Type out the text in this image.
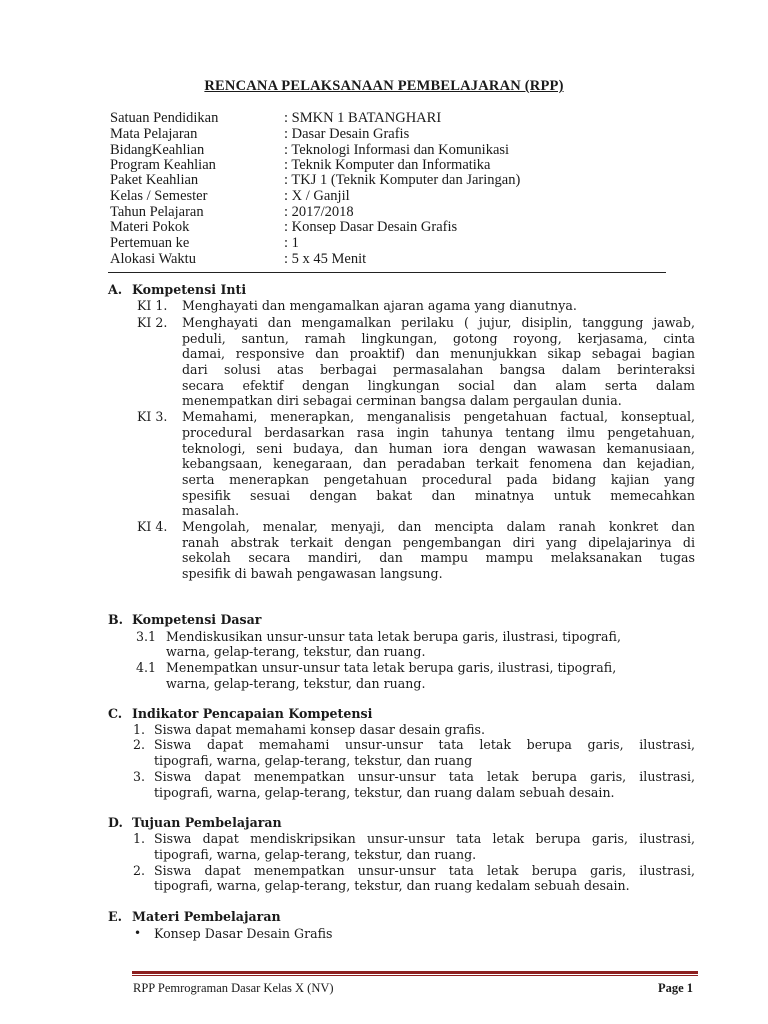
RENCANA PELAKSANAAN PEMBELAJARAN (RPP)
Satuan Pendidikan	: SMKN 1 BATANGHARI
Mata Pelajaran	: Dasar Desain Grafis
BidangKeahlian	: Teknologi Informasi dan Komunikasi
Program Keahlian	: Teknik Komputer dan Informatika
Paket Keahlian	: TKJ 1 (Teknik Komputer dan Jaringan)
Kelas / Semester	: X / Ganjil
Tahun Pelajaran	: 2017/2018
Materi Pokok	: Konsep Dasar Desain Grafis
Pertemuan ke	: 1
Alokasi Waktu	: 5 x 45 Menit
A. Kompetensi Inti
KI 1. Menghayati dan mengamalkan ajaran agama yang dianutnya.
KI 2. Menghayati dan mengamalkan perilaku ( jujur, disiplin, tanggung jawab,
peduli, santun, ramah lingkungan, gotong royong, kerjasama, cinta
damai, responsive dan proaktif) dan menunjukkan sikap sebagai bagian
dari solusi atas berbagai permasalahan bangsa dalam berinteraksi
secara efektif dengan lingkungan social dan alam serta dalam
menempatkan diri sebagai cerminan bangsa dalam pergaulan dunia.
KI 3. Memahami, menerapkan, menganalisis pengetahuan factual, konseptual,
procedural berdasarkan rasa ingin tahunya tentang ilmu pengetahuan,
teknologi, seni budaya, dan human iora dengan wawasan kemanusiaan,
kebangsaan, kenegaraan, dan peradaban terkait fenomena dan kejadian,
serta menerapkan pengetahuan procedural pada bidang kajian yang
spesifik sesuai dengan bakat dan minatnya untuk memecahkan
masalah.
KI 4. Mengolah, menalar, menyaji, dan mencipta dalam ranah konkret dan
ranah abstrak terkait dengan pengembangan diri yang dipelajarinya di
sekolah secara mandiri, dan mampu mampu melaksanakan tugas
spesifik di bawah pengawasan langsung.
B. Kompetensi Dasar
3.1 Mendiskusikan unsur-unsur tata letak berupa garis, ilustrasi, tipografi,
warna, gelap-terang, tekstur, dan ruang.
4.1 Menempatkan unsur-unsur tata letak berupa garis, ilustrasi, tipografi,
warna, gelap-terang, tekstur, dan ruang.
C. Indikator Pencapaian Kompetensi
1. Siswa dapat memahami konsep dasar desain grafis.
2. Siswa dapat memahami unsur-unsur tata letak berupa garis, ilustrasi,
tipografi, warna, gelap-terang, tekstur, dan ruang
3. Siswa dapat menempatkan unsur-unsur tata letak berupa garis, ilustrasi,
tipografi, warna, gelap-terang, tekstur, dan ruang dalam sebuah desain.
D. Tujuan Pembelajaran
1. Siswa dapat mendiskripsikan unsur-unsur tata letak berupa garis, ilustrasi,
tipografi, warna, gelap-terang, tekstur, dan ruang.
2. Siswa dapat menempatkan unsur-unsur tata letak berupa garis, ilustrasi,
tipografi, warna, gelap-terang, tekstur, dan ruang kedalam sebuah desain.
E. Materi Pembelajaran
• Konsep Dasar Desain Grafis
RPP Pemrograman Dasar Kelas X (NV)	Page 1
